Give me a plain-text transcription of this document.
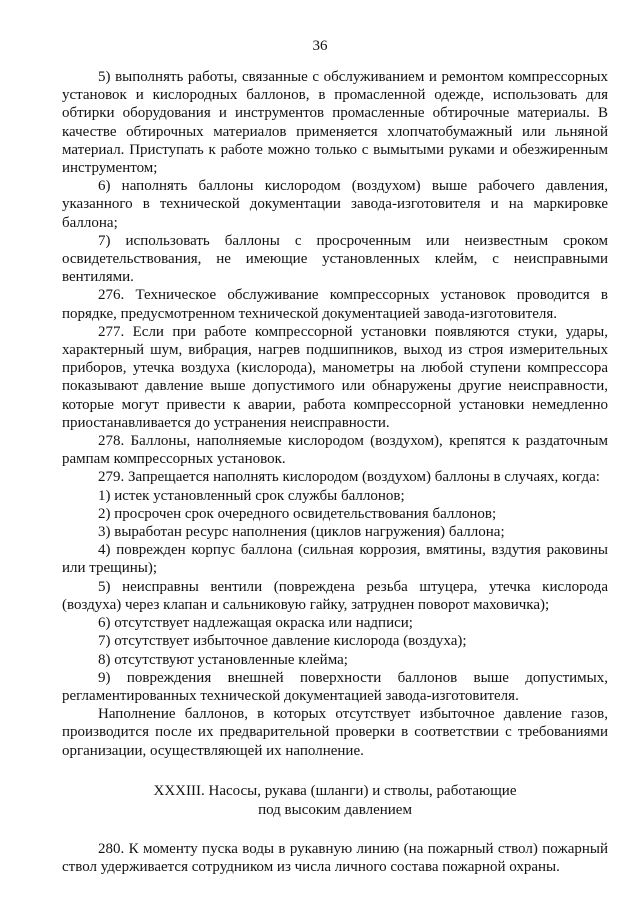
36

5) выполнять работы, связанные с обслуживанием и ремонтом компрессорных установок и кислородных баллонов, в промасленной одежде, использовать для обтирки оборудования и инструментов промасленные обтирочные материалы. В качестве обтирочных материалов применяется хлопчатобумажный или льняной материал. Приступать к работе можно только с вымытыми руками и обезжиренным инструментом;

6) наполнять баллоны кислородом (воздухом) выше рабочего давления, указанного в технической документации завода-изготовителя и на маркировке баллона;

7) использовать баллоны с просроченным или неизвестным сроком освидетельствования, не имеющие установленных клейм, с неисправными вентилями.

276. Техническое обслуживание компрессорных установок проводится в порядке, предусмотренном технической документацией завода-изготовителя.

277. Если при работе компрессорной установки появляются стуки, удары, характерный шум, вибрация, нагрев подшипников, выход из строя измерительных приборов, утечка воздуха (кислорода), манометры на любой ступени компрессора показывают давление выше допустимого или обнаружены другие неисправности, которые могут привести к аварии, работа компрессорной установки немедленно приостанавливается до устранения неисправности.

278. Баллоны, наполняемые кислородом (воздухом), крепятся к раздаточным рампам компрессорных установок.

279. Запрещается наполнять кислородом (воздухом) баллоны в случаях, когда:

1) истек установленный срок службы баллонов;

2) просрочен срок очередного освидетельствования баллонов;

3) выработан ресурс наполнения (циклов нагружения) баллона;

4) поврежден корпус баллона (сильная коррозия, вмятины, вздутия раковины или трещины);

5) неисправны вентили (повреждена резьба штуцера, утечка кислорода (воздуха) через клапан и сальниковую гайку, затруднен поворот маховичка);

6) отсутствует надлежащая окраска или надписи;

7) отсутствует избыточное давление кислорода (воздуха);

8) отсутствуют установленные клейма;

9) повреждения внешней поверхности баллонов выше допустимых, регламентированных технической документацией завода-изготовителя.

Наполнение баллонов, в которых отсутствует избыточное давление газов, производится после их предварительной проверки в соответствии с требованиями организации, осуществляющей их наполнение.

XXXIII. Насосы, рукава (шланги) и стволы, работающие
под высоким давлением

280. К моменту пуска воды в рукавную линию (на пожарный ствол) пожарный ствол удерживается сотрудником из числа личного состава пожарной охраны.
